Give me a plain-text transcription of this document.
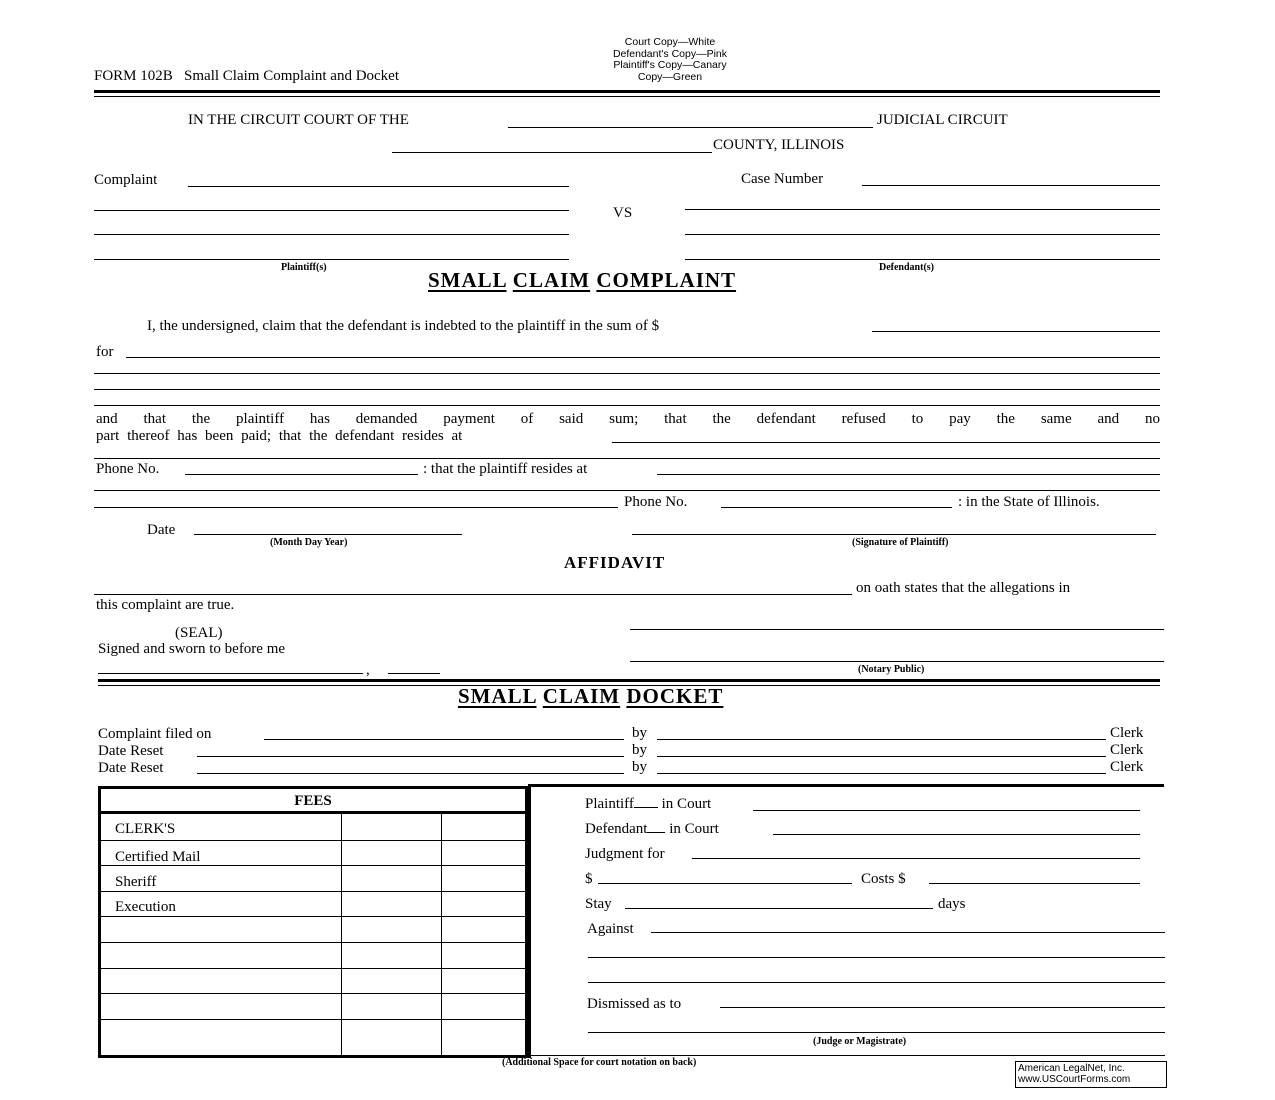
FORM 102B Small Claim Complaint and Docket
Court Copy—White
Defendant's Copy—Pink
Plaintiff's Copy—Canary
Copy—Green
IN THE CIRCUIT COURT OF THE	JUDICIAL CIRCUIT
COUNTY, ILLINOIS
Complaint
Plaintiff(s)
VS
Case Number
Defendant(s)
SMALL CLAIM COMPLAINT
I, the undersigned, claim that the defendant is indebted to the plaintiff in the sum of $
for
and that the plaintiff has demanded payment of said sum; that the defendant refused to pay the same and no
part thereof has been paid; that the defendant resides at
Phone No.	: that the plaintiff resides at
Phone No.	: in the State of Illinois.
Date
(Month Day Year)	(Signature of Plaintiff)
AFFIDAVIT
on oath states that the allegations in
this complaint are true.
(SEAL)
Signed and sworn to before me
(Notary Public)
,
SMALL CLAIM DOCKET
Complaint filed on	by	Clerk
Date Reset	by	Clerk
Date Reset	by	Clerk
FEES
CLERK'S
Certified Mail
Sheriff
Execution
Plaintiff in Court
Defendant in Court
Judgment for
$	Costs $
Stay	days
Against
Dismissed as to
(Judge or Magistrate)
(Additional Space for court notation on back)
American LegalNet, Inc.
www.USCourtForms.com
